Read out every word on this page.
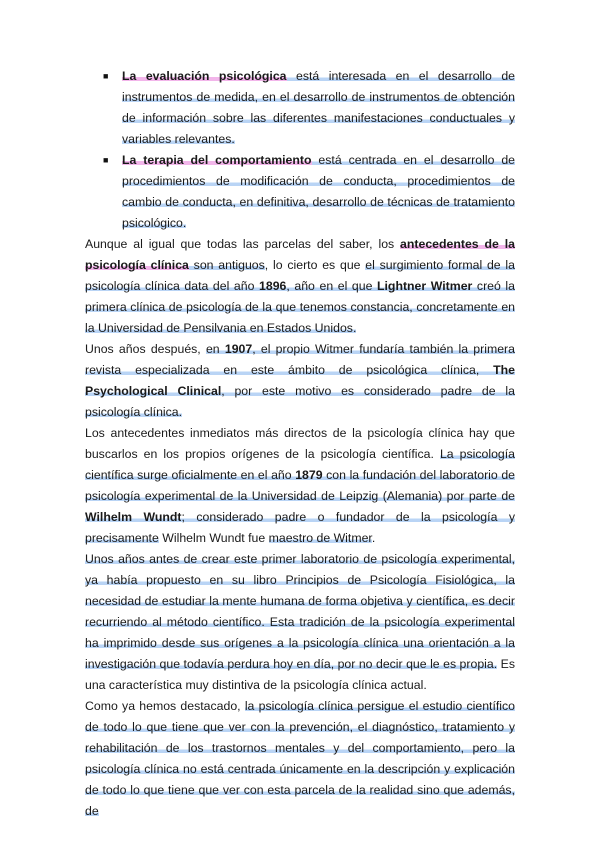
■ La evaluación psicológica está interesada en el desarrollo de instrumentos de medida, en el desarrollo de instrumentos de obtención de información sobre las diferentes manifestaciones conductuales y variables relevantes.
■ La terapia del comportamiento está centrada en el desarrollo de procedimientos de modificación de conducta, procedimientos de cambio de conducta, en definitiva, desarrollo de técnicas de tratamiento psicológico.

Aunque al igual que todas las parcelas del saber, los antecedentes de la psicología clínica son antiguos, lo cierto es que el surgimiento formal de la psicología clínica data del año 1896, año en el que Lightner Witmer creó la primera clínica de psicología de la que tenemos constancia, concretamente en la Universidad de Pensilvania en Estados Unidos.

Unos años después, en 1907, el propio Witmer fundaría también la primera revista especializada en este ámbito de psicológica clínica, The Psychological Clinical, por este motivo es considerado padre de la psicología clínica.

Los antecedentes inmediatos más directos de la psicología clínica hay que buscarlos en los propios orígenes de la psicología científica. La psicología científica surge oficialmente en el año 1879 con la fundación del laboratorio de psicología experimental de la Universidad de Leipzig (Alemania) por parte de Wilhelm Wundt; considerado padre o fundador de la psicología y precisamente Wilhelm Wundt fue maestro de Witmer.

Unos años antes de crear este primer laboratorio de psicología experimental, ya había propuesto en su libro Principios de Psicología Fisiológica, la necesidad de estudiar la mente humana de forma objetiva y científica, es decir recurriendo al método científico. Esta tradición de la psicología experimental ha imprimido desde sus orígenes a la psicología clínica una orientación a la investigación que todavía perdura hoy en día, por no decir que le es propia. Es una característica muy distintiva de la psicología clínica actual.

Como ya hemos destacado, la psicología clínica persigue el estudio científico de todo lo que tiene que ver con la prevención, el diagnóstico, tratamiento y rehabilitación de los trastornos mentales y del comportamiento, pero la psicología clínica no está centrada únicamente en la descripción y explicación de todo lo que tiene que ver con esta parcela de la realidad sino que además, de
